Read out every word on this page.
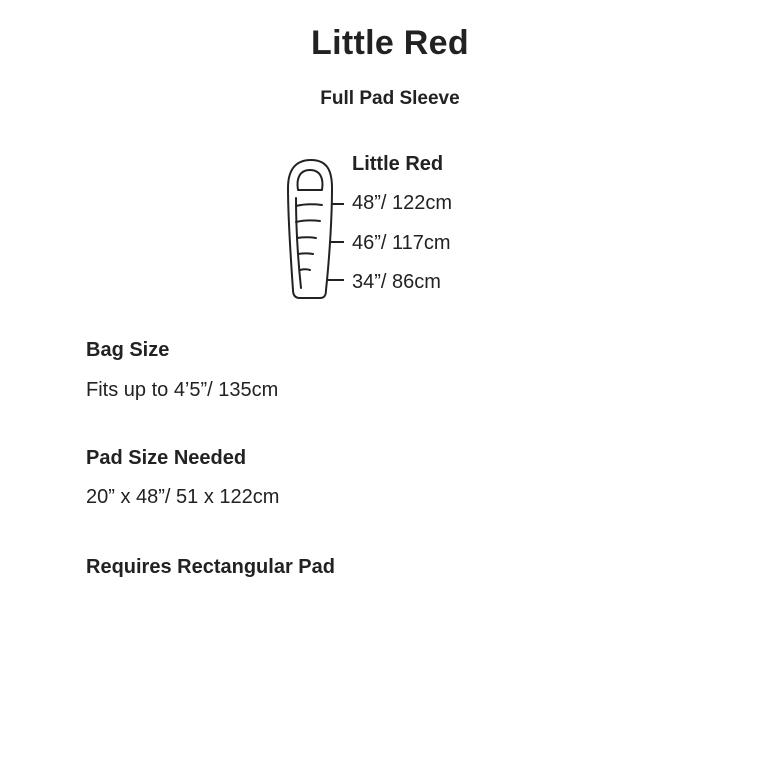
Little Red
Full Pad Sleeve
Little Red
48”/ 122cm
46”/ 117cm
34”/ 86cm
Bag Size
Fits up to 4’5”/ 135cm
Pad Size Needed
20” x 48”/ 51 x 122cm
Requires Rectangular Pad
